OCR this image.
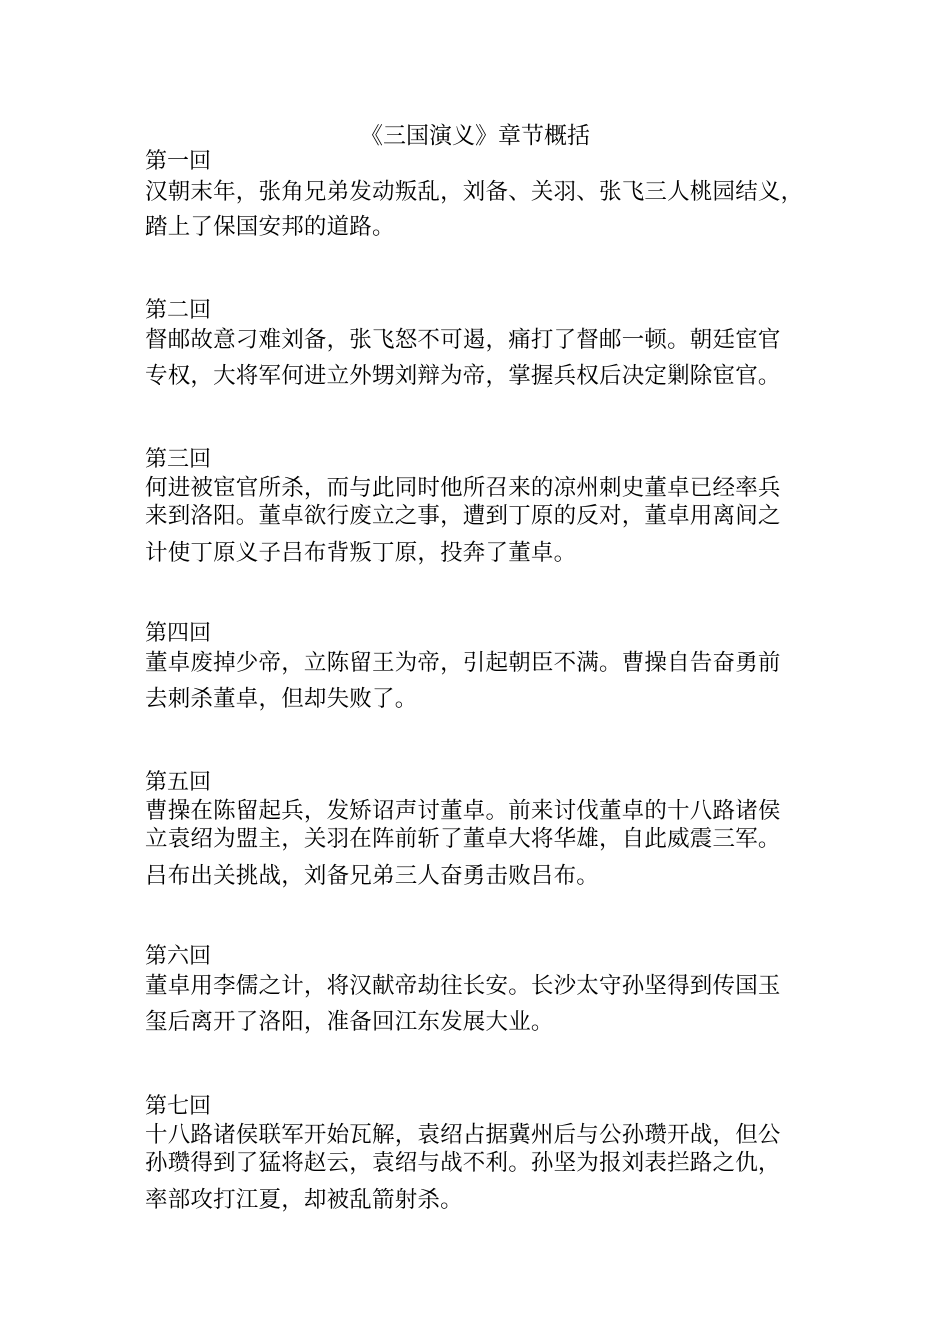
《三国演义》章节概括
第一回
汉朝末年，张角兄弟发动叛乱，刘备、关羽、张飞三人桃园结义，
踏上了保国安邦的道路。
第二回
督邮故意刁难刘备，张飞怒不可遏，痛打了督邮一顿。朝廷宦官
专权，大将军何进立外甥刘辩为帝，掌握兵权后决定剿除宦官。
第三回
何进被宦官所杀，而与此同时他所召来的凉州刺史董卓已经率兵
来到洛阳。董卓欲行废立之事，遭到丁原的反对，董卓用离间之
计使丁原义子吕布背叛丁原，投奔了董卓。
第四回
董卓废掉少帝，立陈留王为帝，引起朝臣不满。曹操自告奋勇前
去刺杀董卓，但却失败了。
第五回
曹操在陈留起兵，发矫诏声讨董卓。前来讨伐董卓的十八路诸侯
立袁绍为盟主，关羽在阵前斩了董卓大将华雄，自此威震三军。
吕布出关挑战，刘备兄弟三人奋勇击败吕布。
第六回
董卓用李儒之计，将汉献帝劫往长安。长沙太守孙坚得到传国玉
玺后离开了洛阳，准备回江东发展大业。
第七回
十八路诸侯联军开始瓦解，袁绍占据冀州后与公孙瓒开战，但公
孙瓒得到了猛将赵云，袁绍与战不利。孙坚为报刘表拦路之仇，
率部攻打江夏，却被乱箭射杀。
